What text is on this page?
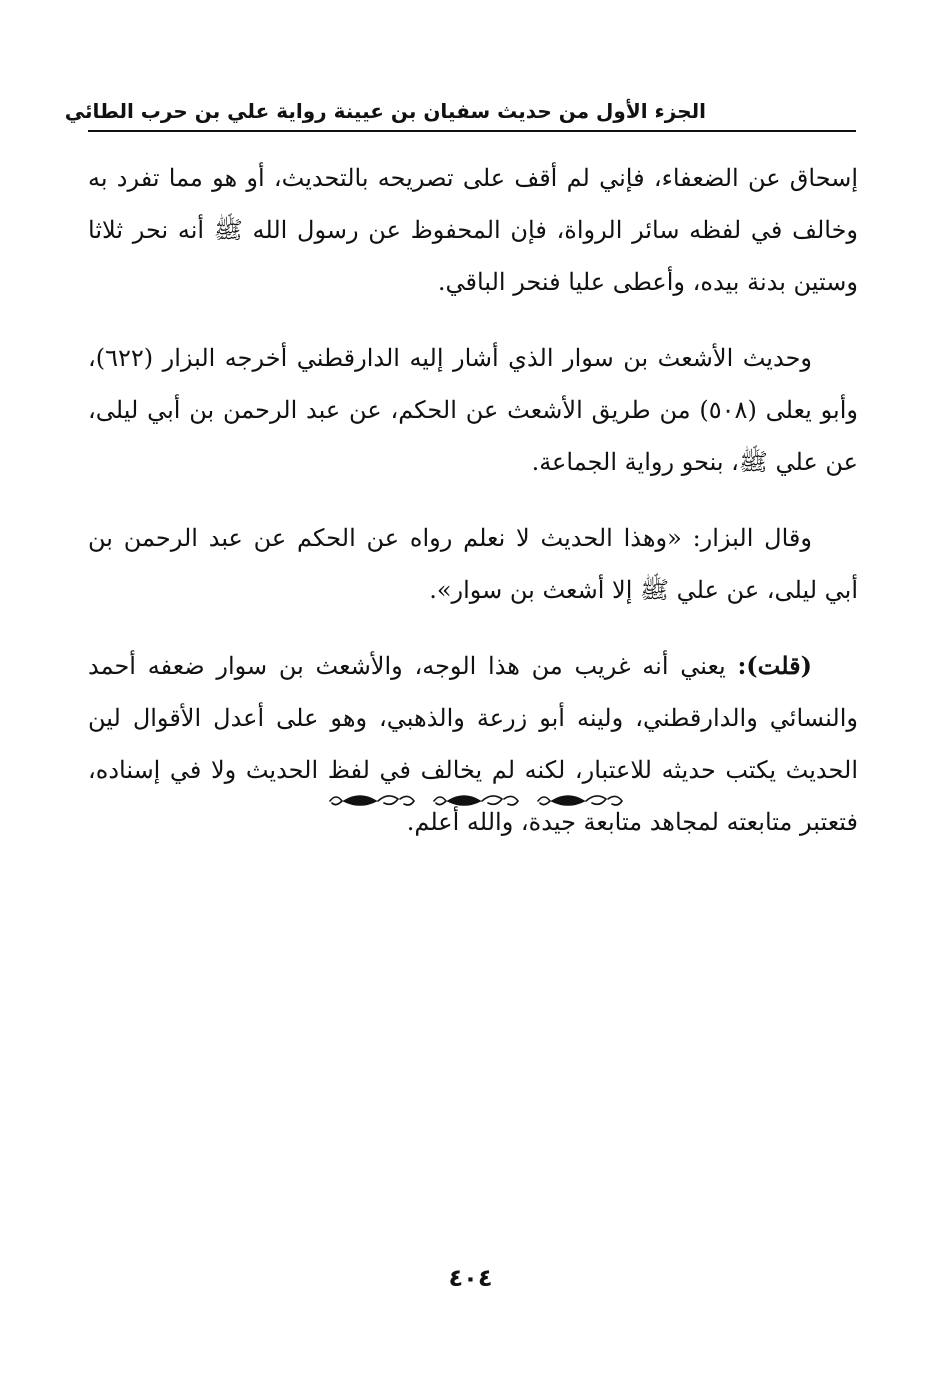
الجزء الأول من حديث سفيان بن عيينة رواية علي بن حرب الطائي

إسحاق عن الضعفاء، فإني لم أقف على تصريحه بالتحديث، أو هو مما تفرد به وخالف في لفظه سائر الرواة، فإن المحفوظ عن رسول الله ﷺ أنه نحر ثلاثا وستين بدنة بيده، وأعطى عليا فنحر الباقي.

وحديث الأشعث بن سوار الذي أشار إليه الدارقطني أخرجه البزار (٦٢٢)، وأبو يعلى (٥٠٨) من طريق الأشعث عن الحكم، عن عبد الرحمن بن أبي ليلى، عن علي ﷺ، بنحو رواية الجماعة.

وقال البزار: «وهذا الحديث لا نعلم رواه عن الحكم عن عبد الرحمن بن أبي ليلى، عن علي ﷺ إلا أشعث بن سوار».

(قلت): يعني أنه غريب من هذا الوجه، والأشعث بن سوار ضعفه أحمد والنسائي والدارقطني، ولينه أبو زرعة والذهبي، وهو على أعدل الأقوال لين الحديث يكتب حديثه للاعتبار، لكنه لم يخالف في لفظ الحديث ولا في إسناده، فتعتبر متابعته لمجاهد متابعة جيدة، والله أعلم.

٤٠٤
